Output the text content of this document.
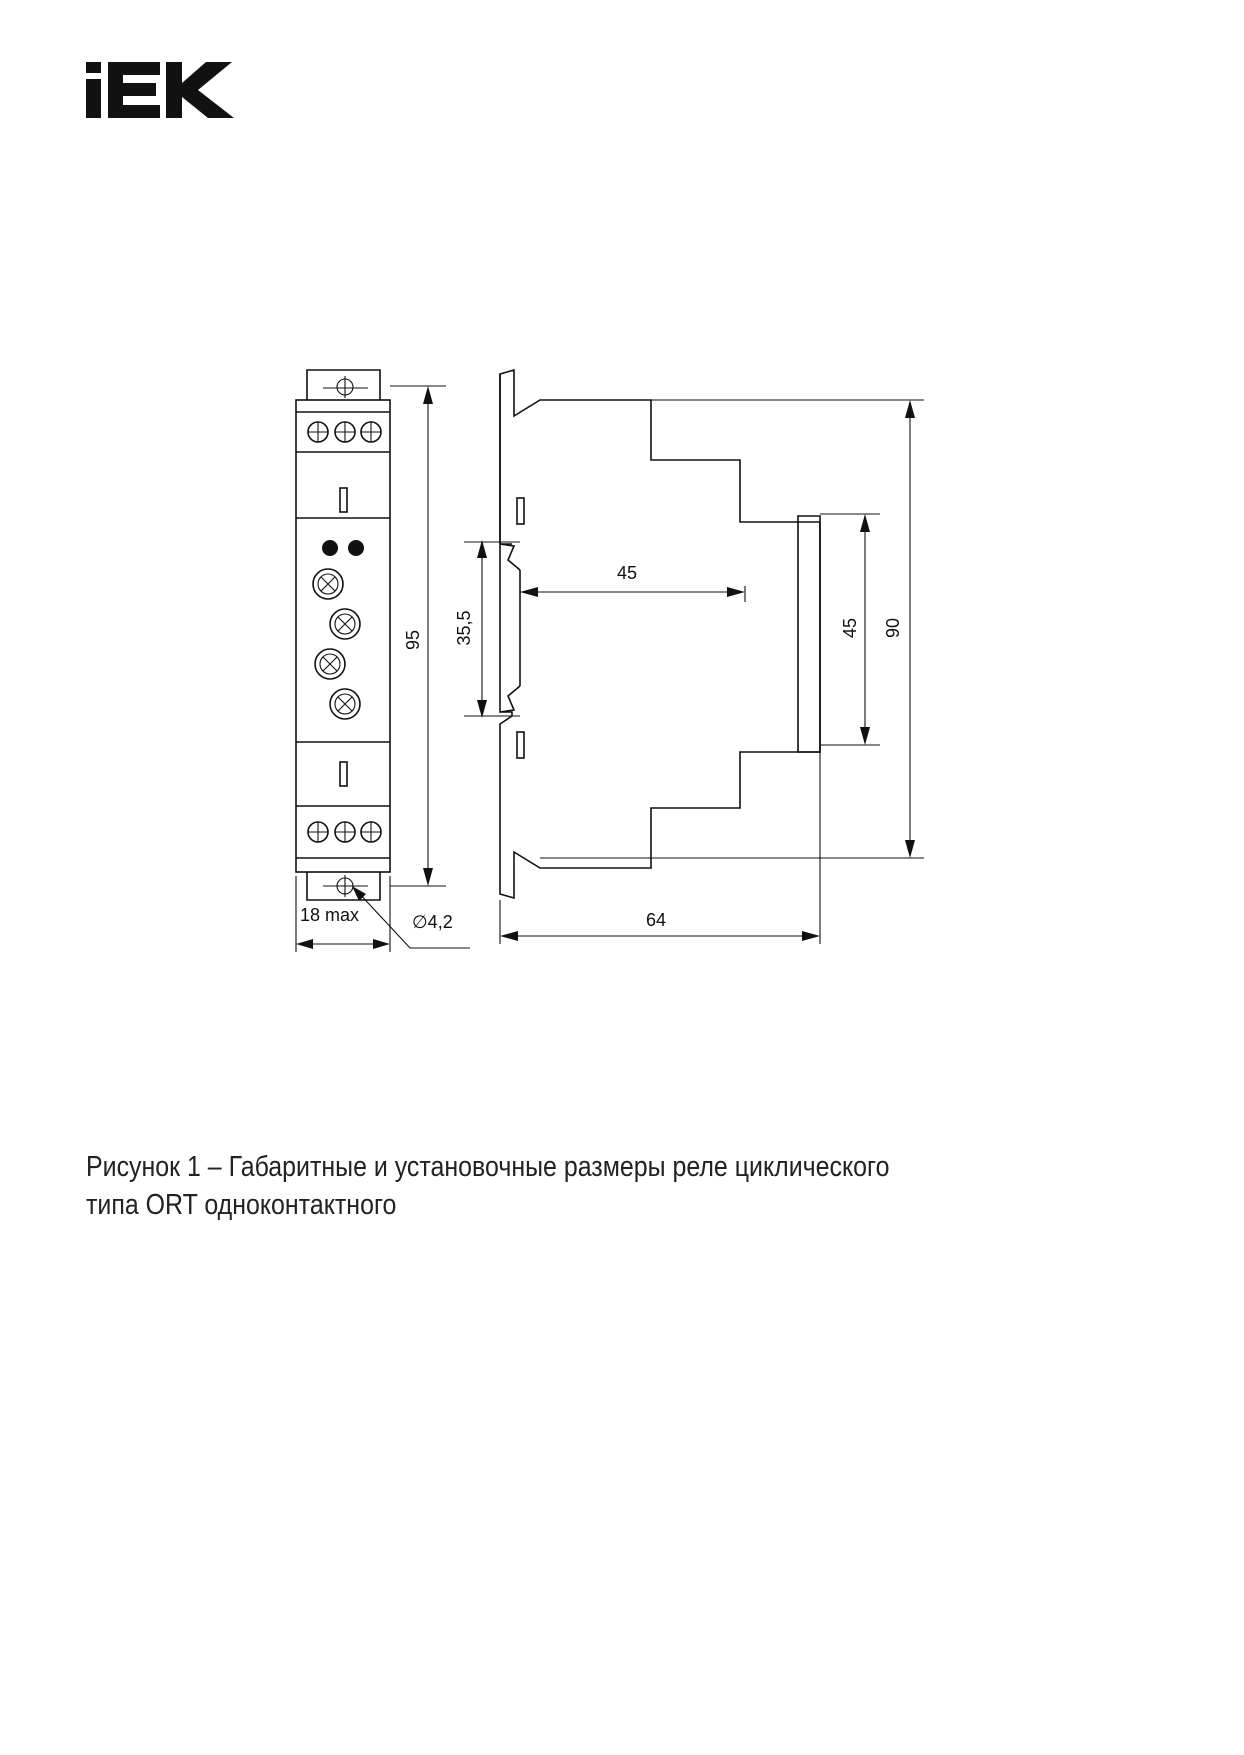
95
18 max	∅4,2
35,5
45
45 90
64
Рисунок 1 – Габаритные и установочные размеры реле циклического
типа ORT одноконтактного
